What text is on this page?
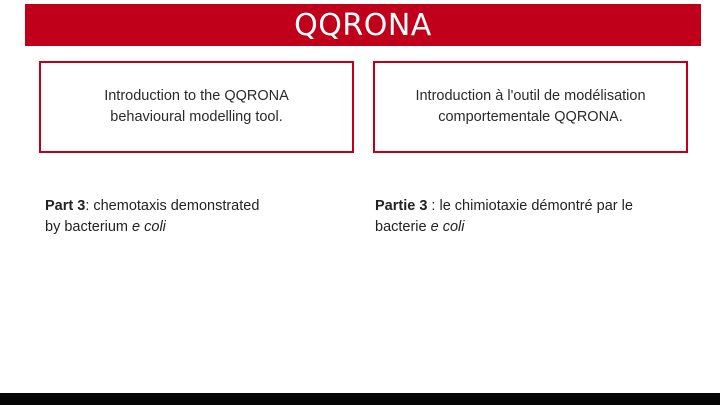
QQRONA
Introduction to the QQRONA
behavioural modelling tool.
Introduction à l'outil de modélisation
comportementale QQRONA.
Part 3: chemotaxis demonstrated
by bacterium e coli
Partie 3 : le chimiotaxie démontré par le
bacterie e coli
